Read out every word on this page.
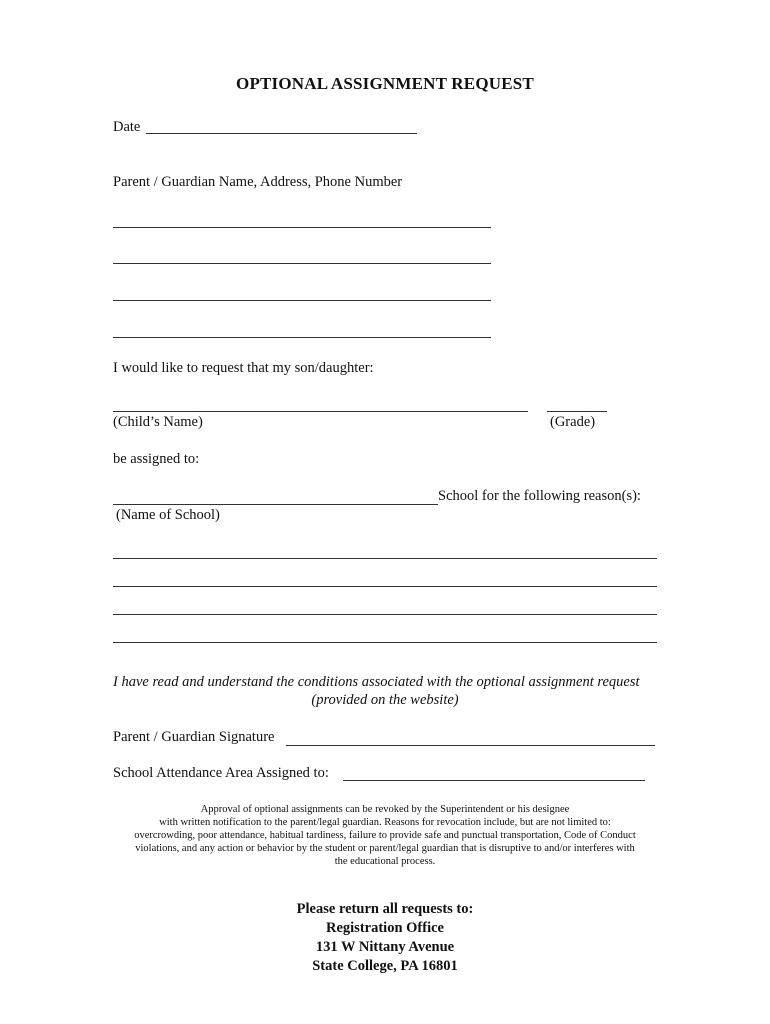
OPTIONAL ASSIGNMENT REQUEST
Date
Parent / Guardian Name, Address, Phone Number
I would like to request that my son/daughter:
(Child’s Name)	(Grade)
be assigned to:
School for the following reason(s):
(Name of School)
I have read and understand the conditions associated with the optional assignment request
(provided on the website)
Parent / Guardian Signature
School Attendance Area Assigned to:
Approval of optional assignments can be revoked by the Superintendent or his designee
with written notification to the parent/legal guardian. Reasons for revocation include, but are not limited to:
overcrowding, poor attendance, habitual tardiness, failure to provide safe and punctual transportation, Code of Conduct
violations, and any action or behavior by the student or parent/legal guardian that is disruptive to and/or interferes with
the educational process.
Please return all requests to:
Registration Office
131 W Nittany Avenue
State College, PA 16801
